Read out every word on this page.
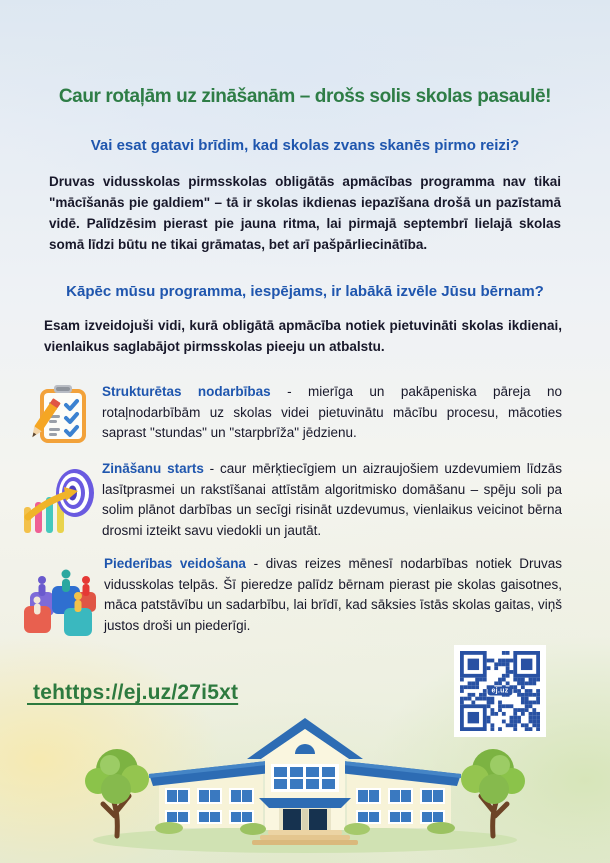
Caur rotaļām uz zināšanām – drošs solis skolas pasaulē!
Vai esat gatavi brīdim, kad skolas zvans skanēs pirmo reizi?

Druvas vidusskolas pirmsskolas obligātās apmācības programma nav tikai "mācīšanās pie galdiem" – tā ir skolas ikdienas iepazīšana drošā un pazīstamā vidē. Palīdzēsim pierast pie jauna ritma, lai pirmajā septembrī lielajā skolas somā līdzi būtu ne tikai grāmatas, bet arī pašpārliecinātība.

Kāpēc mūsu programma, iespējams, ir labākā izvēle Jūsu bērnam?

Esam izveidojuši vidi, kurā obligātā apmācība notiek pietuvināti skolas ikdienai, vienlaikus saglabājot pirmsskolas pieeju un atbalstu.

Strukturētas nodarbības - mierīga un pakāpeniska pāreja no rotaļnodarbībām uz skolas videi pietuvinātu mācību procesu, mācoties saprast "stundas" un "starpbrīža" jēdzienu.

Zināšanu starts - caur mērķtiecīgiem un aizraujošiem uzdevumiem līdzās lasītprasmei un rakstīšanai attīstām algoritmisko domāšanu – spēju soli pa solim plānot darbības un secīgi risināt uzdevumus, vienlaikus veicinot bērna drosmi izteikt savu viedokli un jautāt.

Piederības veidošana - divas reizes mēnesī nodarbības notiek Druvas vidusskolas telpās. Šī pieredze palīdz bērnam pierast pie skolas gaisotnes, māca patstāvību un sadarbību, lai brīdī, kad sāksies īstās skolas gaitas, viņš justos droši un piederīgi.

tehttps://ej.uz/27i5xt	ej.uz
